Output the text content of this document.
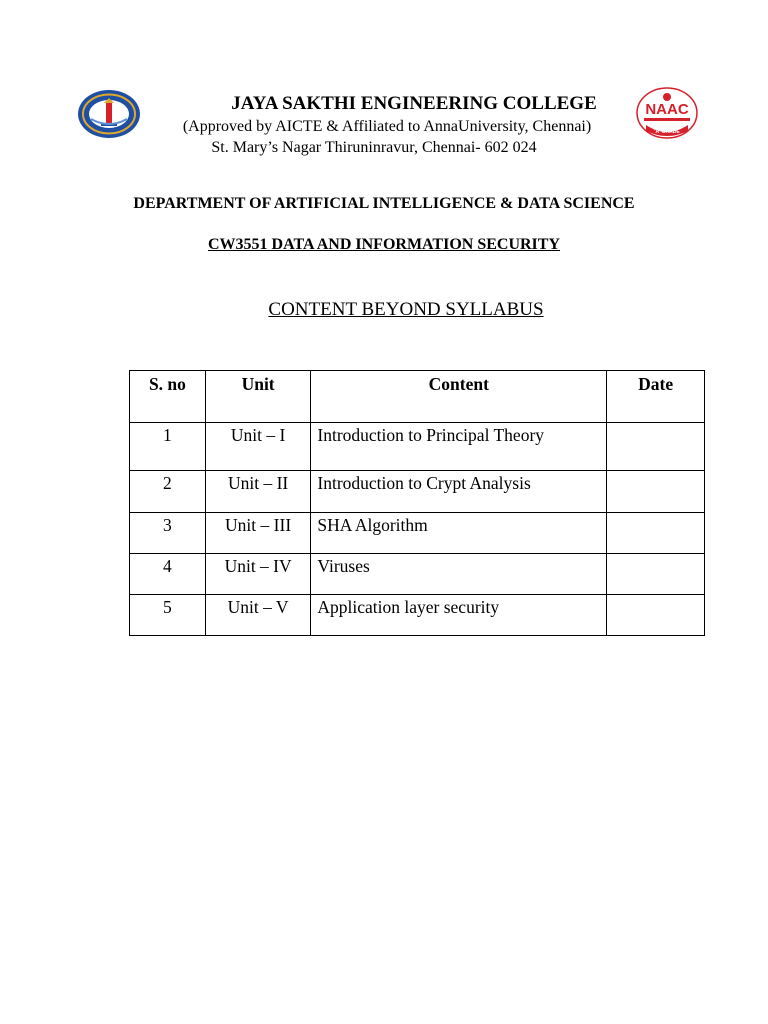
NAAC
'A' GRADE
JAYA SAKTHI ENGINEERING COLLEGE
(Approved by AICTE & Affiliated to AnnaUniversity, Chennai)
St. Mary’s Nagar Thiruninravur, Chennai- 602 024
DEPARTMENT OF ARTIFICIAL INTELLIGENCE & DATA SCIENCE
CW3551 DATA AND INFORMATION SECURITY
CONTENT BEYOND SYLLABUS
S. no	Unit	Content	Date
1	Unit – I	Introduction to Principal Theory	
2	Unit – II	Introduction to Crypt Analysis	
3	Unit – III	SHA Algorithm	
4	Unit – IV	Viruses	
5	Unit – V	Application layer security	
